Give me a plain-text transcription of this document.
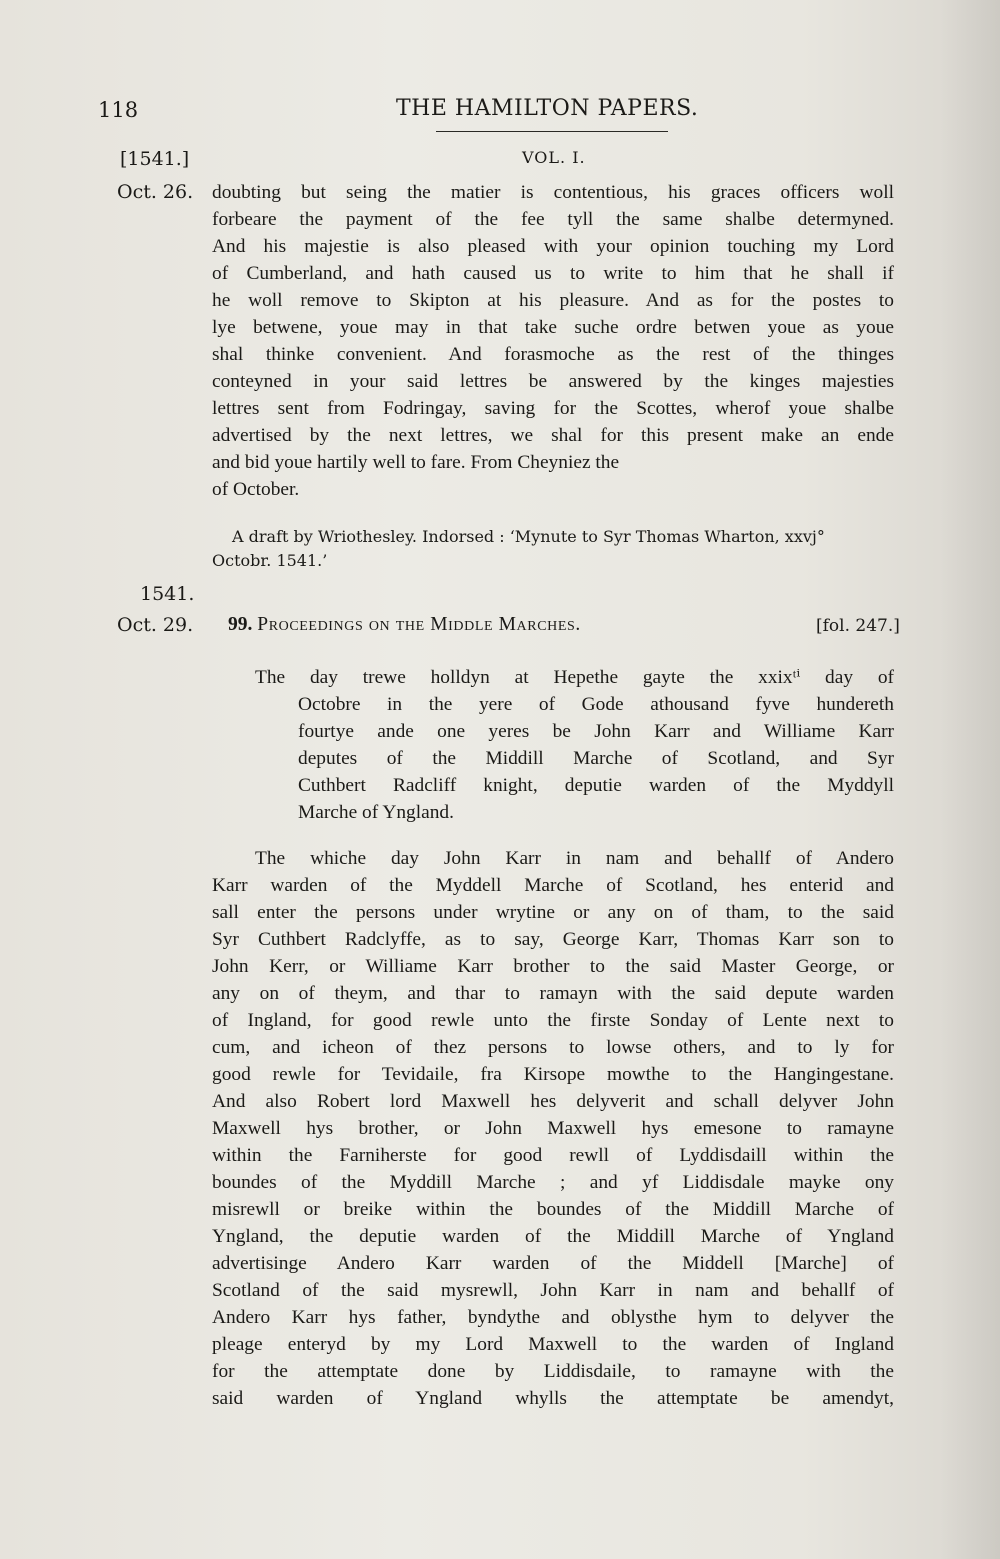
118	THE HAMILTON PAPERS.
[1541.]	VOL. I.
Oct. 26. doubting but seing the matier is contentious, his graces officers woll
forbeare the payment of the fee tyll the same shalbe determyned.
And his majestie is also pleased with your opinion touching my Lord
of Cumberland, and hath caused us to write to him that he shall if
he woll remove to Skipton at his pleasure. And as for the postes to
lye betwene, youe may in that take suche ordre betwen youe as youe
shal thinke convenient. And forasmoche as the rest of the thinges
conteyned in your said lettres be answered by the kinges majesties
lettres sent from Fodringay, saving for the Scottes, wherof youe shalbe
advertised by the next lettres, we shal for this present make an ende
and bid youe hartily well to fare. From Cheyniez the
of October.
A draft by Wriothesley. Indorsed : ‘Mynute to Syr Thomas Wharton, xxvj°
Octobr. 1541.’
1541.
Oct. 29. 99. Proceedings on the Middle Marches.	[fol. 247.]
The day trewe holldyn at Hepethe gayte the xxixᵗⁱ day of
Octobre in the yere of Gode athousand fyve hundereth
fourtye ande one yeres be John Karr and Williame Karr
deputes of the Middill Marche of Scotland, and Syr
Cuthbert Radcliff knight, deputie warden of the Myddyll
Marche of Yngland.
The whiche day John Karr in nam and behallf of Andero
Karr warden of the Myddell Marche of Scotland, hes enterid and
sall enter the persons under wrytine or any on of tham, to the said
Syr Cuthbert Radclyffe, as to say, George Karr, Thomas Karr son to
John Kerr, or Williame Karr brother to the said Master George, or
any on of theym, and thar to ramayn with the said depute warden
of Ingland, for good rewle unto the firste Sonday of Lente next to
cum, and icheon of thez persons to lowse others, and to ly for
good rewle for Tevidaile, fra Kirsope mowthe to the Hangingestane.
And also Robert lord Maxwell hes delyverit and schall delyver John
Maxwell hys brother, or John Maxwell hys emesone to ramayne
within the Farniherste for good rewll of Lyddisdaill within the
boundes of the Myddill Marche ; and yf Liddisdale mayke ony
misrewll or breike within the boundes of the Middill Marche of
Yngland, the deputie warden of the Middill Marche of Yngland
advertisinge Andero Karr warden of the Middell [Marche] of
Scotland of the said mysrewll, John Karr in nam and behallf of
Andero Karr hys father, byndythe and oblysthe hym to delyver the
pleage enteryd by my Lord Maxwell to the warden of Ingland
for the attemptate done by Liddisdaile, to ramayne with the
said warden of Yngland whylls the attemptate be amendyt,
